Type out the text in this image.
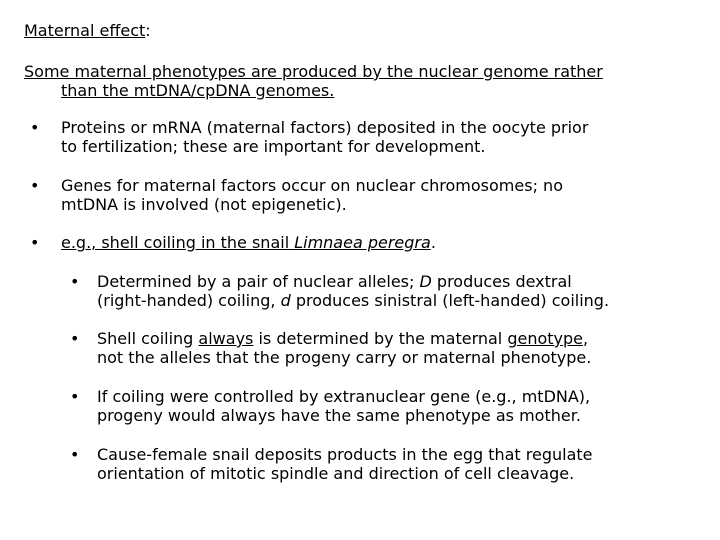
Maternal effect:
Some maternal phenotypes are produced by the nuclear genome rather
than the mtDNA/cpDNA genomes.
• Proteins or mRNA (maternal factors) deposited in the oocyte prior
to fertilization; these are important for development.
• Genes for maternal factors occur on nuclear chromosomes; no
mtDNA is involved (not epigenetic).
• e.g., shell coiling in the snail Limnaea peregra.
• Determined by a pair of nuclear alleles; D produces dextral
(right-handed) coiling, d produces sinistral (left-handed) coiling.
• Shell coiling always is determined by the maternal genotype,
not the alleles that the progeny carry or maternal phenotype.
• If coiling were controlled by extranuclear gene (e.g., mtDNA),
progeny would always have the same phenotype as mother.
• Cause-female snail deposits products in the egg that regulate
orientation of mitotic spindle and direction of cell cleavage.
